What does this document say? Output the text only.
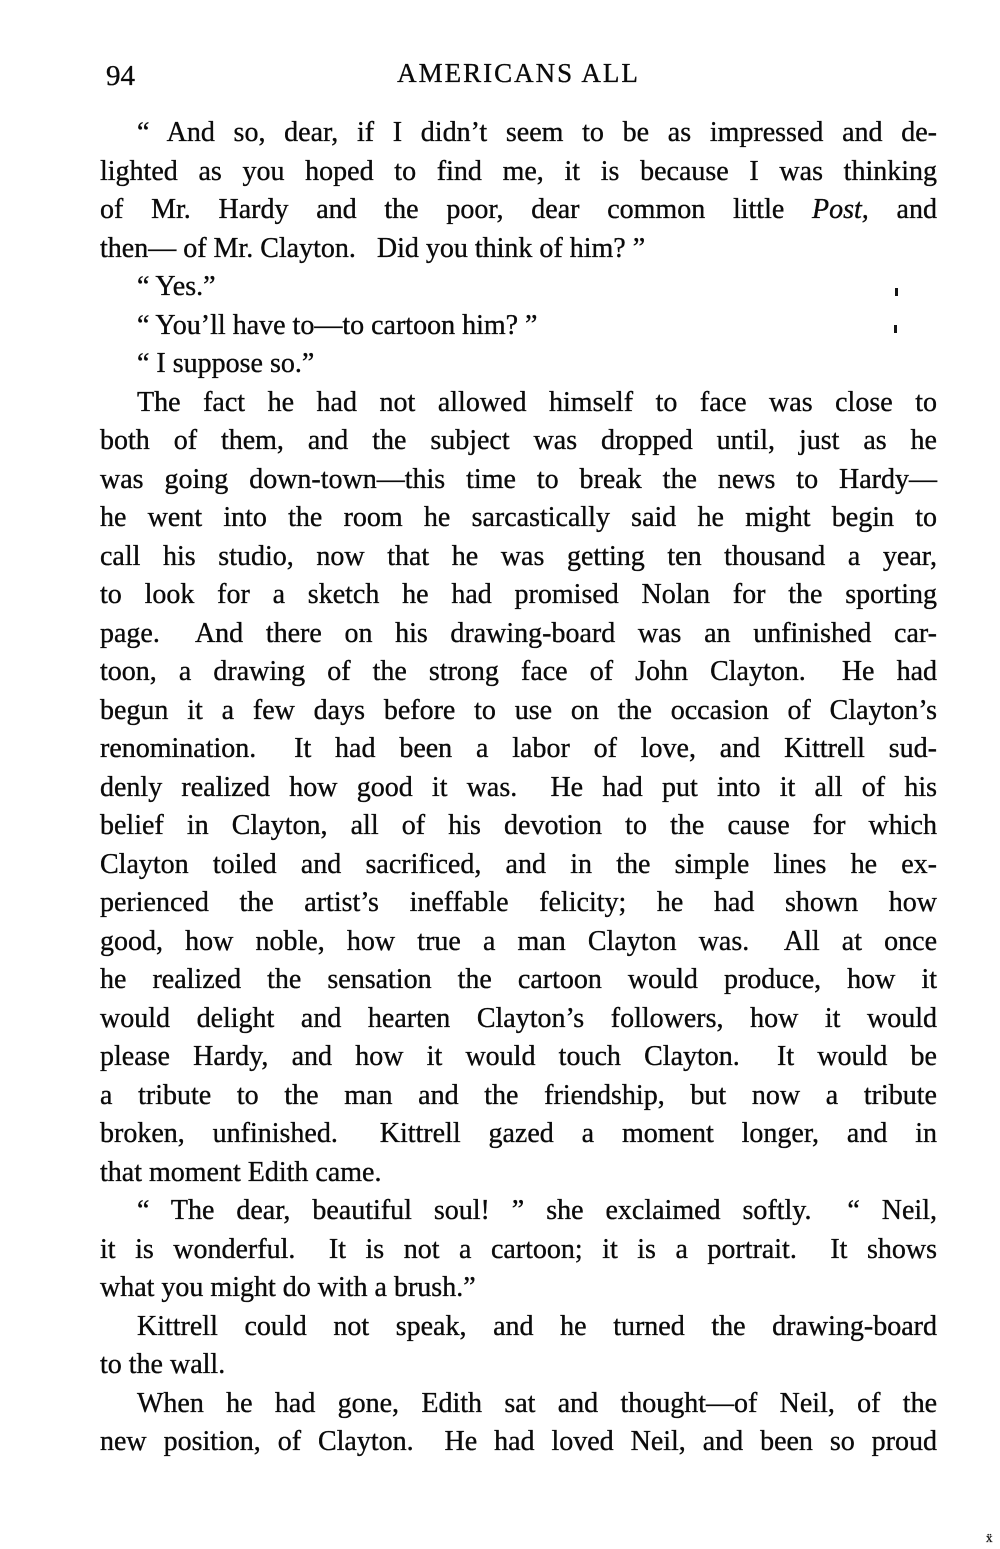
94	AMERICANS ALL
“ And so, dear, if I didn’t seem to be as impressed and de-
lighted as you hoped to find me, it is because I was thinking
of Mr. Hardy and the poor, dear common little Post, and
then— of Mr. Clayton.  Did you think of him? ”
“ Yes.”
“ You’ll have to—to cartoon him? ”
“ I suppose so.”
The fact he had not allowed himself to face was close to
both of them, and the subject was dropped until, just as he
was going down-town—this time to break the news to Hardy—
he went into the room he sarcastically said he might begin to
call his studio, now that he was getting ten thousand a year,
to look for a sketch he had promised Nolan for the sporting
page.  And there on his drawing-board was an unfinished car-
toon, a drawing of the strong face of John Clayton.  He had
begun it a few days before to use on the occasion of Clayton’s
renomination.  It had been a labor of love, and Kittrell sud-
denly realized how good it was.  He had put into it all of his
belief in Clayton, all of his devotion to the cause for which
Clayton toiled and sacrificed, and in the simple lines he ex-
perienced the artist’s ineffable felicity; he had shown how
good, how noble, how true a man Clayton was.  All at once
he realized the sensation the cartoon would produce, how it
would delight and hearten Clayton’s followers, how it would
please Hardy, and how it would touch Clayton.  It would be
a tribute to the man and the friendship, but now a tribute
broken, unfinished.  Kittrell gazed a moment longer, and in
that moment Edith came.
“ The dear, beautiful soul! ” she exclaimed softly.  “ Neil,
it is wonderful.  It is not a cartoon; it is a portrait.  It shows
what you might do with a brush.”
Kittrell could not speak, and he turned the drawing-board
to the wall.
When he had gone, Edith sat and thought—of Neil, of the
new position, of Clayton.  He had loved Neil, and been so proud
ẍ
